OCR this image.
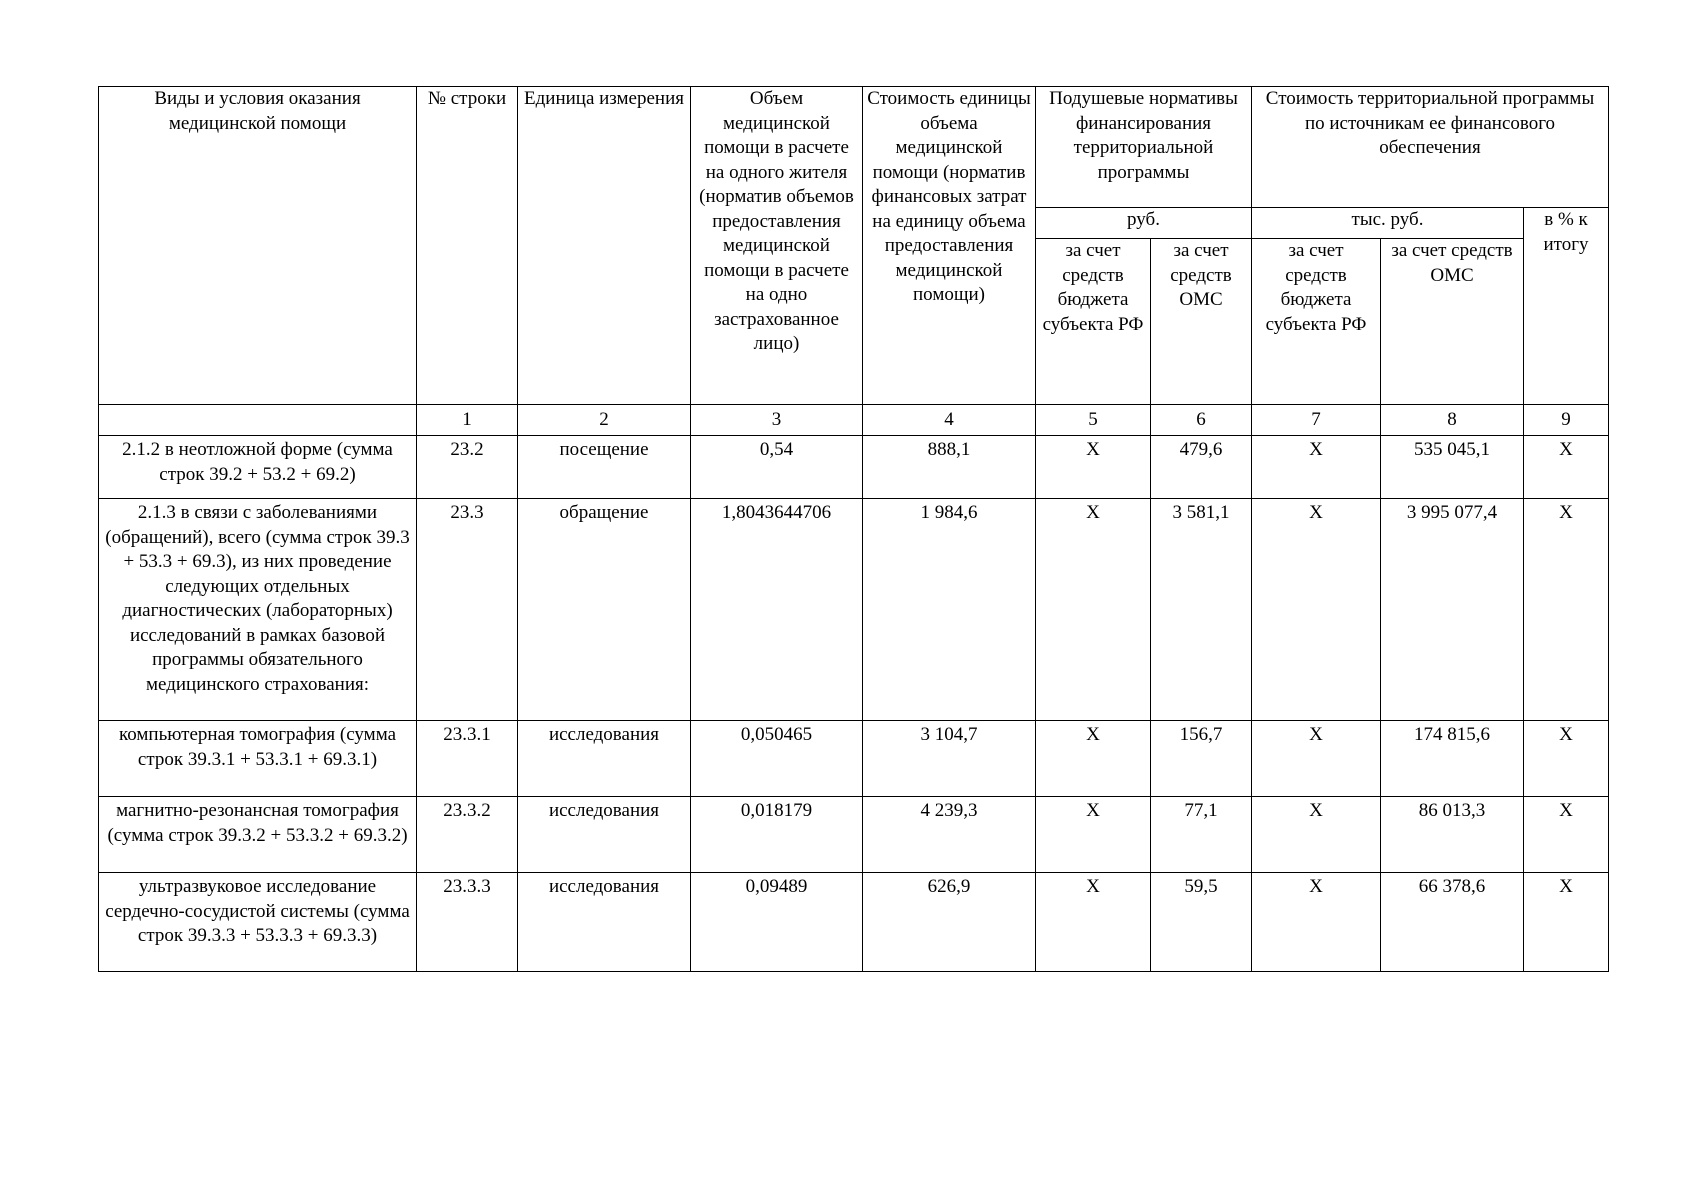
Виды и условия оказания медицинской помощи	№ строки	Единица измерения	Объем медицинской помощи в расчете на одного жителя (норматив объемов предоставления медицинской помощи в расчете на одно застрахованное лицо)	Стоимость единицы объема медицинской помощи (норматив финансовых затрат на единицу объема предоставления медицинской помощи)	Подушевые нормативы финансирования территориальной программы		Стоимость территориальной программы по источникам ее финансового обеспечения		
					руб.		тыс. руб.		в % к итогу
					за счет средств бюджета субъекта РФ	за счет средств ОМС	за счет средств бюджета субъекта РФ	за счет средств ОМС	
	1	2	3	4	5	6	7	8	9
2.1.2 в неотложной форме (сумма строк 39.2 + 53.2 + 69.2)	23.2	посещение	0,54	888,1	X	479,6	X	535 045,1	X
2.1.3 в связи с заболеваниями (обращений), всего (сумма строк 39.3 + 53.3 + 69.3), из них проведение следующих отдельных диагностических (лабораторных) исследований в рамках базовой программы обязательного медицинского страхования:	23.3	обращение	1,8043644706	1 984,6	X	3 581,1	X	3 995 077,4	X
компьютерная томография (сумма строк 39.3.1 + 53.3.1 + 69.3.1)	23.3.1	исследования	0,050465	3 104,7	X	156,7	X	174 815,6	X
магнитно-резонансная томография (сумма строк 39.3.2 + 53.3.2 + 69.3.2)	23.3.2	исследования	0,018179	4 239,3	X	77,1	X	86 013,3	X
ультразвуковое исследование сердечно-сосудистой системы (сумма строк 39.3.3 + 53.3.3 + 69.3.3)	23.3.3	исследования	0,09489	626,9	X	59,5	X	66 378,6	X
